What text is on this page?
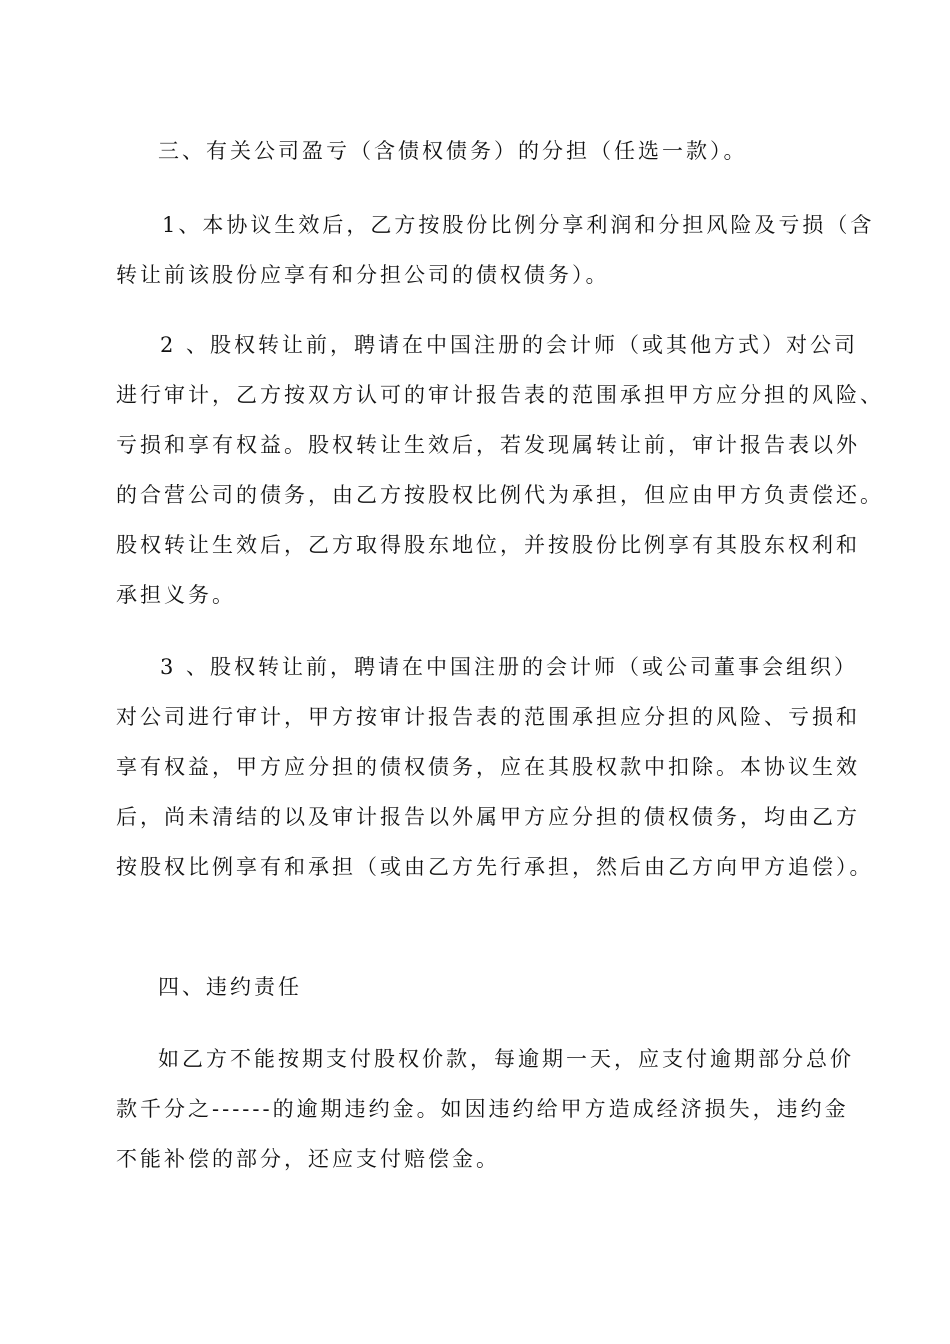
三、有关公司盈亏（含债权债务）的分担（任选一款）。
1、本协议生效后，乙方按股份比例分享利润和分担风险及亏损（含
转让前该股份应享有和分担公司的债权债务）。
2 、股权转让前，聘请在中国注册的会计师（或其他方式）对公司
进行审计，乙方按双方认可的审计报告表的范围承担甲方应分担的风险、
亏损和享有权益。股权转让生效后，若发现属转让前，审计报告表以外
的合营公司的债务，由乙方按股权比例代为承担，但应由甲方负责偿还。
股权转让生效后，乙方取得股东地位，并按股份比例享有其股东权利和
承担义务。
3 、股权转让前，聘请在中国注册的会计师（或公司董事会组织）
对公司进行审计，甲方按审计报告表的范围承担应分担的风险、亏损和
享有权益，甲方应分担的债权债务，应在其股权款中扣除。本协议生效
后，尚未清结的以及审计报告以外属甲方应分担的债权债务，均由乙方
按股权比例享有和承担（或由乙方先行承担，然后由乙方向甲方追偿）。
四、违约责任
如乙方不能按期支付股权价款，每逾期一天，应支付逾期部分总价
款千分之------的逾期违约金。如因违约给甲方造成经济损失，违约金
不能补偿的部分，还应支付赔偿金。
